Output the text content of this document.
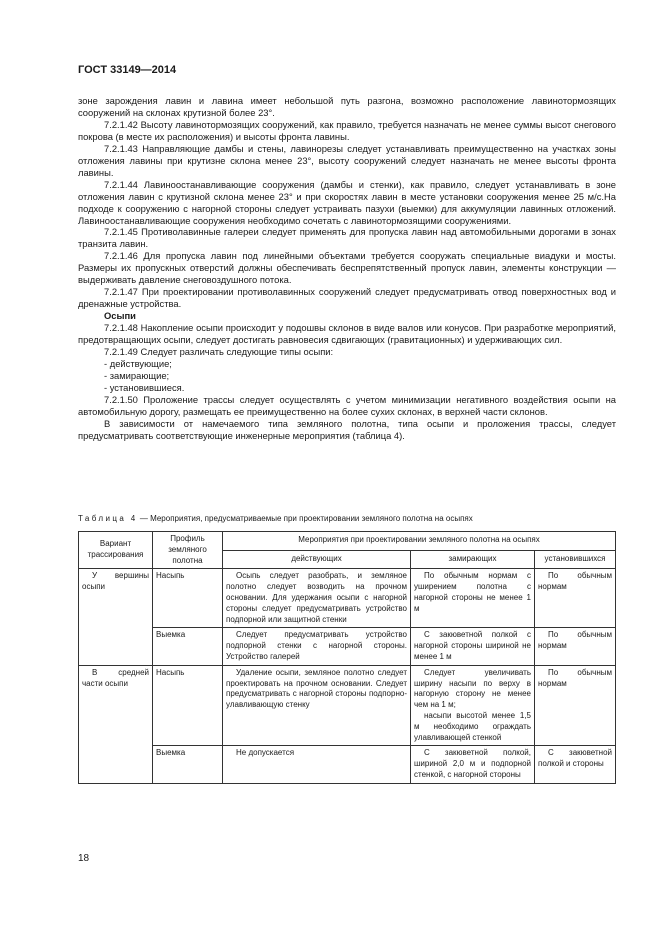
ГОСТ 33149—2014

зоне зарождения лавин и лавина имеет небольшой путь разгона, возможно расположение лавинотормозящих сооружений на склонах крутизной более 23°.

7.2.1.42 Высоту лавинотормозящих сооружений, как правило, требуется назначать не менее суммы высот снегового покрова (в месте их расположения) и высоты фронта лавины.

7.2.1.43 Направляющие дамбы и стены, лавинорезы следует устанавливать преимущественно на участках зоны отложения лавины при крутизне склона менее 23°, высоту сооружений следует назначать не менее высоты фронта лавины.

7.2.1.44 Лавиноостанавливающие сооружения (дамбы и стенки), как правило, следует устанавливать в зоне отложения лавин с крутизной склона менее 23° и при скоростях лавин в месте установки сооружения менее 25 м/с.На подходе к сооружению с нагорной стороны следует устраивать пазухи (выемки) для аккумуляции лавинных отложений. Лавиноостанавливающие сооружения необходимо сочетать с лавинотормозящими сооружениями.

7.2.1.45 Противолавинные галереи следует применять для пропуска лавин над автомобильными дорогами в зонах транзита лавин.

7.2.1.46 Для пропуска лавин под линейными объектами требуется сооружать специальные виадуки и мосты. Размеры их пропускных отверстий должны обеспечивать беспрепятственный пропуск лавин, элементы конструкции — выдерживать давление снеговоздушного потока.

7.2.1.47 При проектировании противолавинных сооружений следует предусматривать отвод поверхностных вод и дренажные устройства.

Осыпи

7.2.1.48 Накопление осыпи происходит у подошвы склонов в виде валов или конусов. При разработке мероприятий, предотвращающих осыпи, следует достигать равновесия сдвигающих (гравитационных) и удерживающих сил.

7.2.1.49 Следует различать следующие типы осыпи:

- действующие;

- замирающие;

- установившиеся.

7.2.1.50 Проложение трассы следует осуществлять с учетом минимизации негативного воздействия осыпи на автомобильную дорогу, размещать ее преимущественно на более сухих склонах, в верхней части склонов.

В зависимости от намечаемого типа земляного полотна, типа осыпи и проложения трассы, следует предусматривать соответствующие инженерные мероприятия (таблица 4).

Таблица 4 — Мероприятия, предусматриваемые при проектировании земляного полотна на осыпях
Вариант трассирования	Профиль земляного полотна	Мероприятия при проектировании земляного полотна на осыпях		
		действующих	замирающих	установившихся
У вершины осыпи	Насыпь	Осыпь следует разобрать, и земляное полотно следует возводить на прочном основании. Для удержания осыпи с нагорной стороны следует предусматривать устройство подпорной или защитной стенки	По обычным нормам с уширением полотна с нагорной стороны не менее 1 м	По обычным нормам
	Выемка	Следует предусматривать устройство подпорной стенки с нагорной стороны. Устройство галерей	С закюветной полкой с нагорной стороны шириной не менее 1 м	По обычным нормам
В средней части осыпи	Насыпь	Удаление осыпи, земляное полотно следует проектировать на прочном основании. Следует предусматривать с нагорной стороны подпорно-улавливающую стенку	Следует увеличивать ширину насыпи по верху в нагорную сторону не менее чем на 1 м;
насыпи высотой менее 1,5 м необходимо ограждать улавливающей стенкой	По обычным нормам
	Выемка	Не допускается	С закюветной полкой, шириной 2,0 м и подпорной стенкой, с нагорной стороны	С закюветной полкой и стороны
18
